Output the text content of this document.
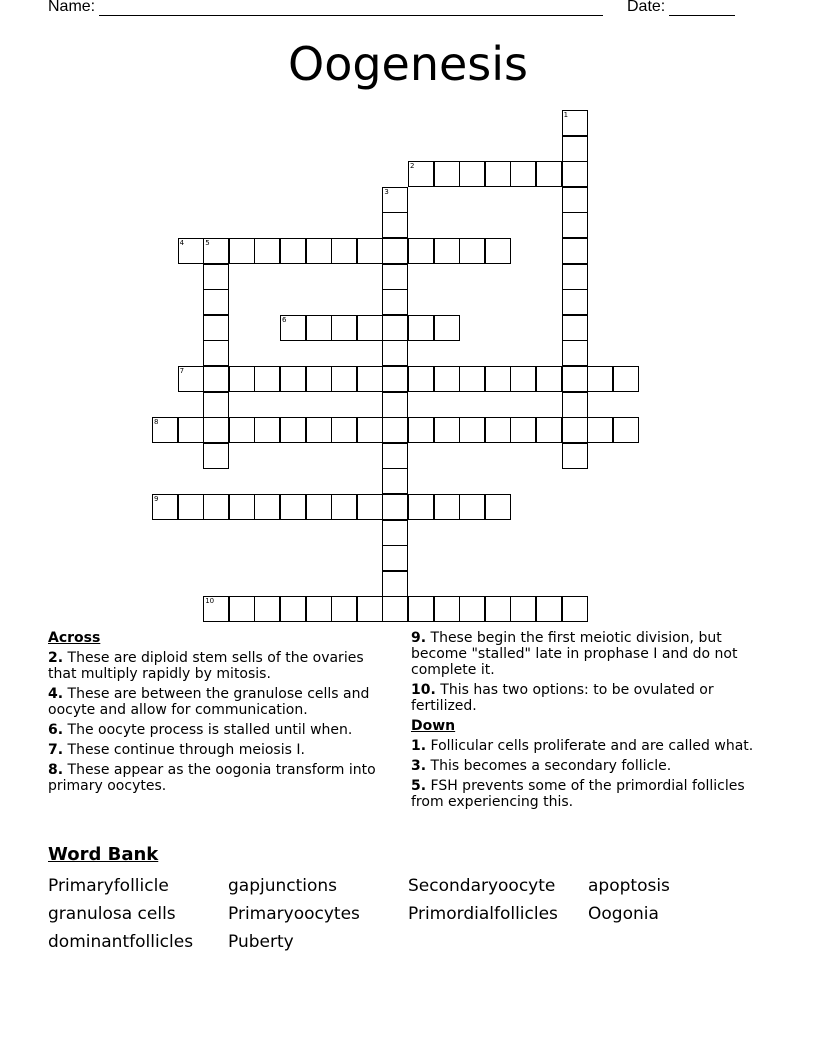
Name:	Date:
Oogenesis
1
2
3
4	5
6
7
8
9
10
Across
2. These are diploid stem sells of the ovaries that multiply rapidly by mitosis.
4. These are between the granulose cells and oocyte and allow for communication.
6. The oocyte process is stalled until when.
7. These continue through meiosis I.
8. These appear as the oogonia transform into primary oocytes.
9. These begin the first meiotic division, but become "stalled" late in prophase I and do not complete it.
10. This has two options: to be ovulated or fertilized.
Down
1. Follicular cells proliferate and are called what.
3. This becomes a secondary follicle.
5. FSH prevents some of the primordial follicles from experiencing this.
Word Bank
Primaryfollicle	gapjunctions	Secondaryoocyte apoptosis
granulosa cells	Primaryoocytes	Primordialfollicles Oogonia
dominantfollicles Puberty
